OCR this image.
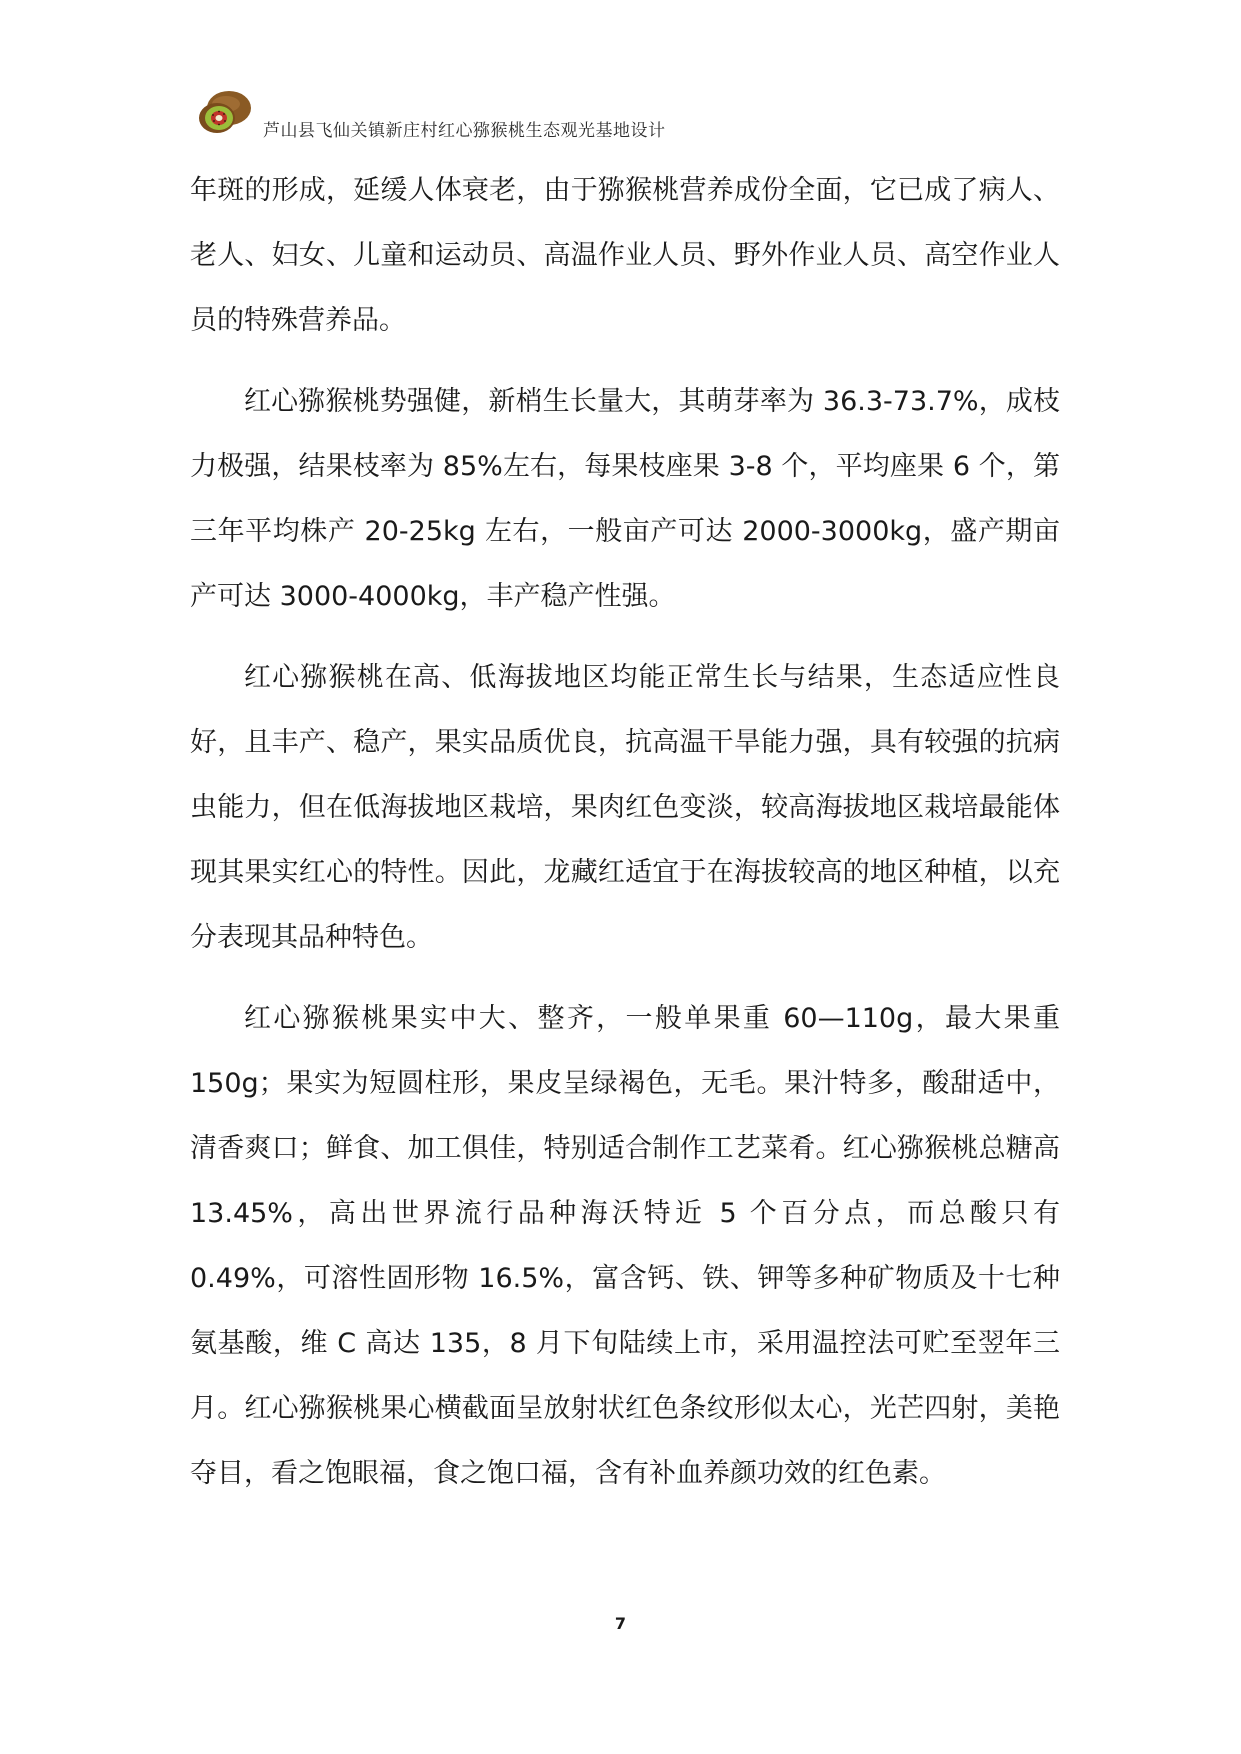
芦山县飞仙关镇新庄村红心猕猴桃生态观光基地设计

年斑的形成，延缓人体衰老，由于猕猴桃营养成份全面，它已成了病人、老人、妇女、儿童和运动员、高温作业人员、野外作业人员、高空作业人员的特殊营养品。

红心猕猴桃势强健，新梢生长量大，其萌芽率为 36.3-73.7%，成枝力极强，结果枝率为 85%左右，每果枝座果 3-8 个，平均座果 6 个，第三年平均株产 20-25kg 左右，一般亩产可达 2000-3000kg，盛产期亩产可达 3000-4000kg，丰产稳产性强。

红心猕猴桃在高、低海拔地区均能正常生长与结果，生态适应性良好，且丰产、稳产，果实品质优良，抗高温干旱能力强，具有较强的抗病虫能力，但在低海拔地区栽培，果肉红色变淡，较高海拔地区栽培最能体现其果实红心的特性。因此，龙藏红适宜于在海拔较高的地区种植，以充分表现其品种特色。

红心猕猴桃果实中大、整齐，一般单果重 60—110g，最大果重150g；果实为短圆柱形，果皮呈绿褐色，无毛。果汁特多，酸甜适中，清香爽口；鲜食、加工俱佳，特别适合制作工艺菜肴。红心猕猴桃总糖高 13.45%，高出世界流行品种海沃特近 5 个百分点，而总酸只有0.49%，可溶性固形物 16.5%，富含钙、铁、钾等多种矿物质及十七种氨基酸，维 C 高达 135，8 月下旬陆续上市，采用温控法可贮至翌年三月。红心猕猴桃果心横截面呈放射状红色条纹形似太心，光芒四射，美艳夺目，看之饱眼福，食之饱口福，含有补血养颜功效的红色素。

7
